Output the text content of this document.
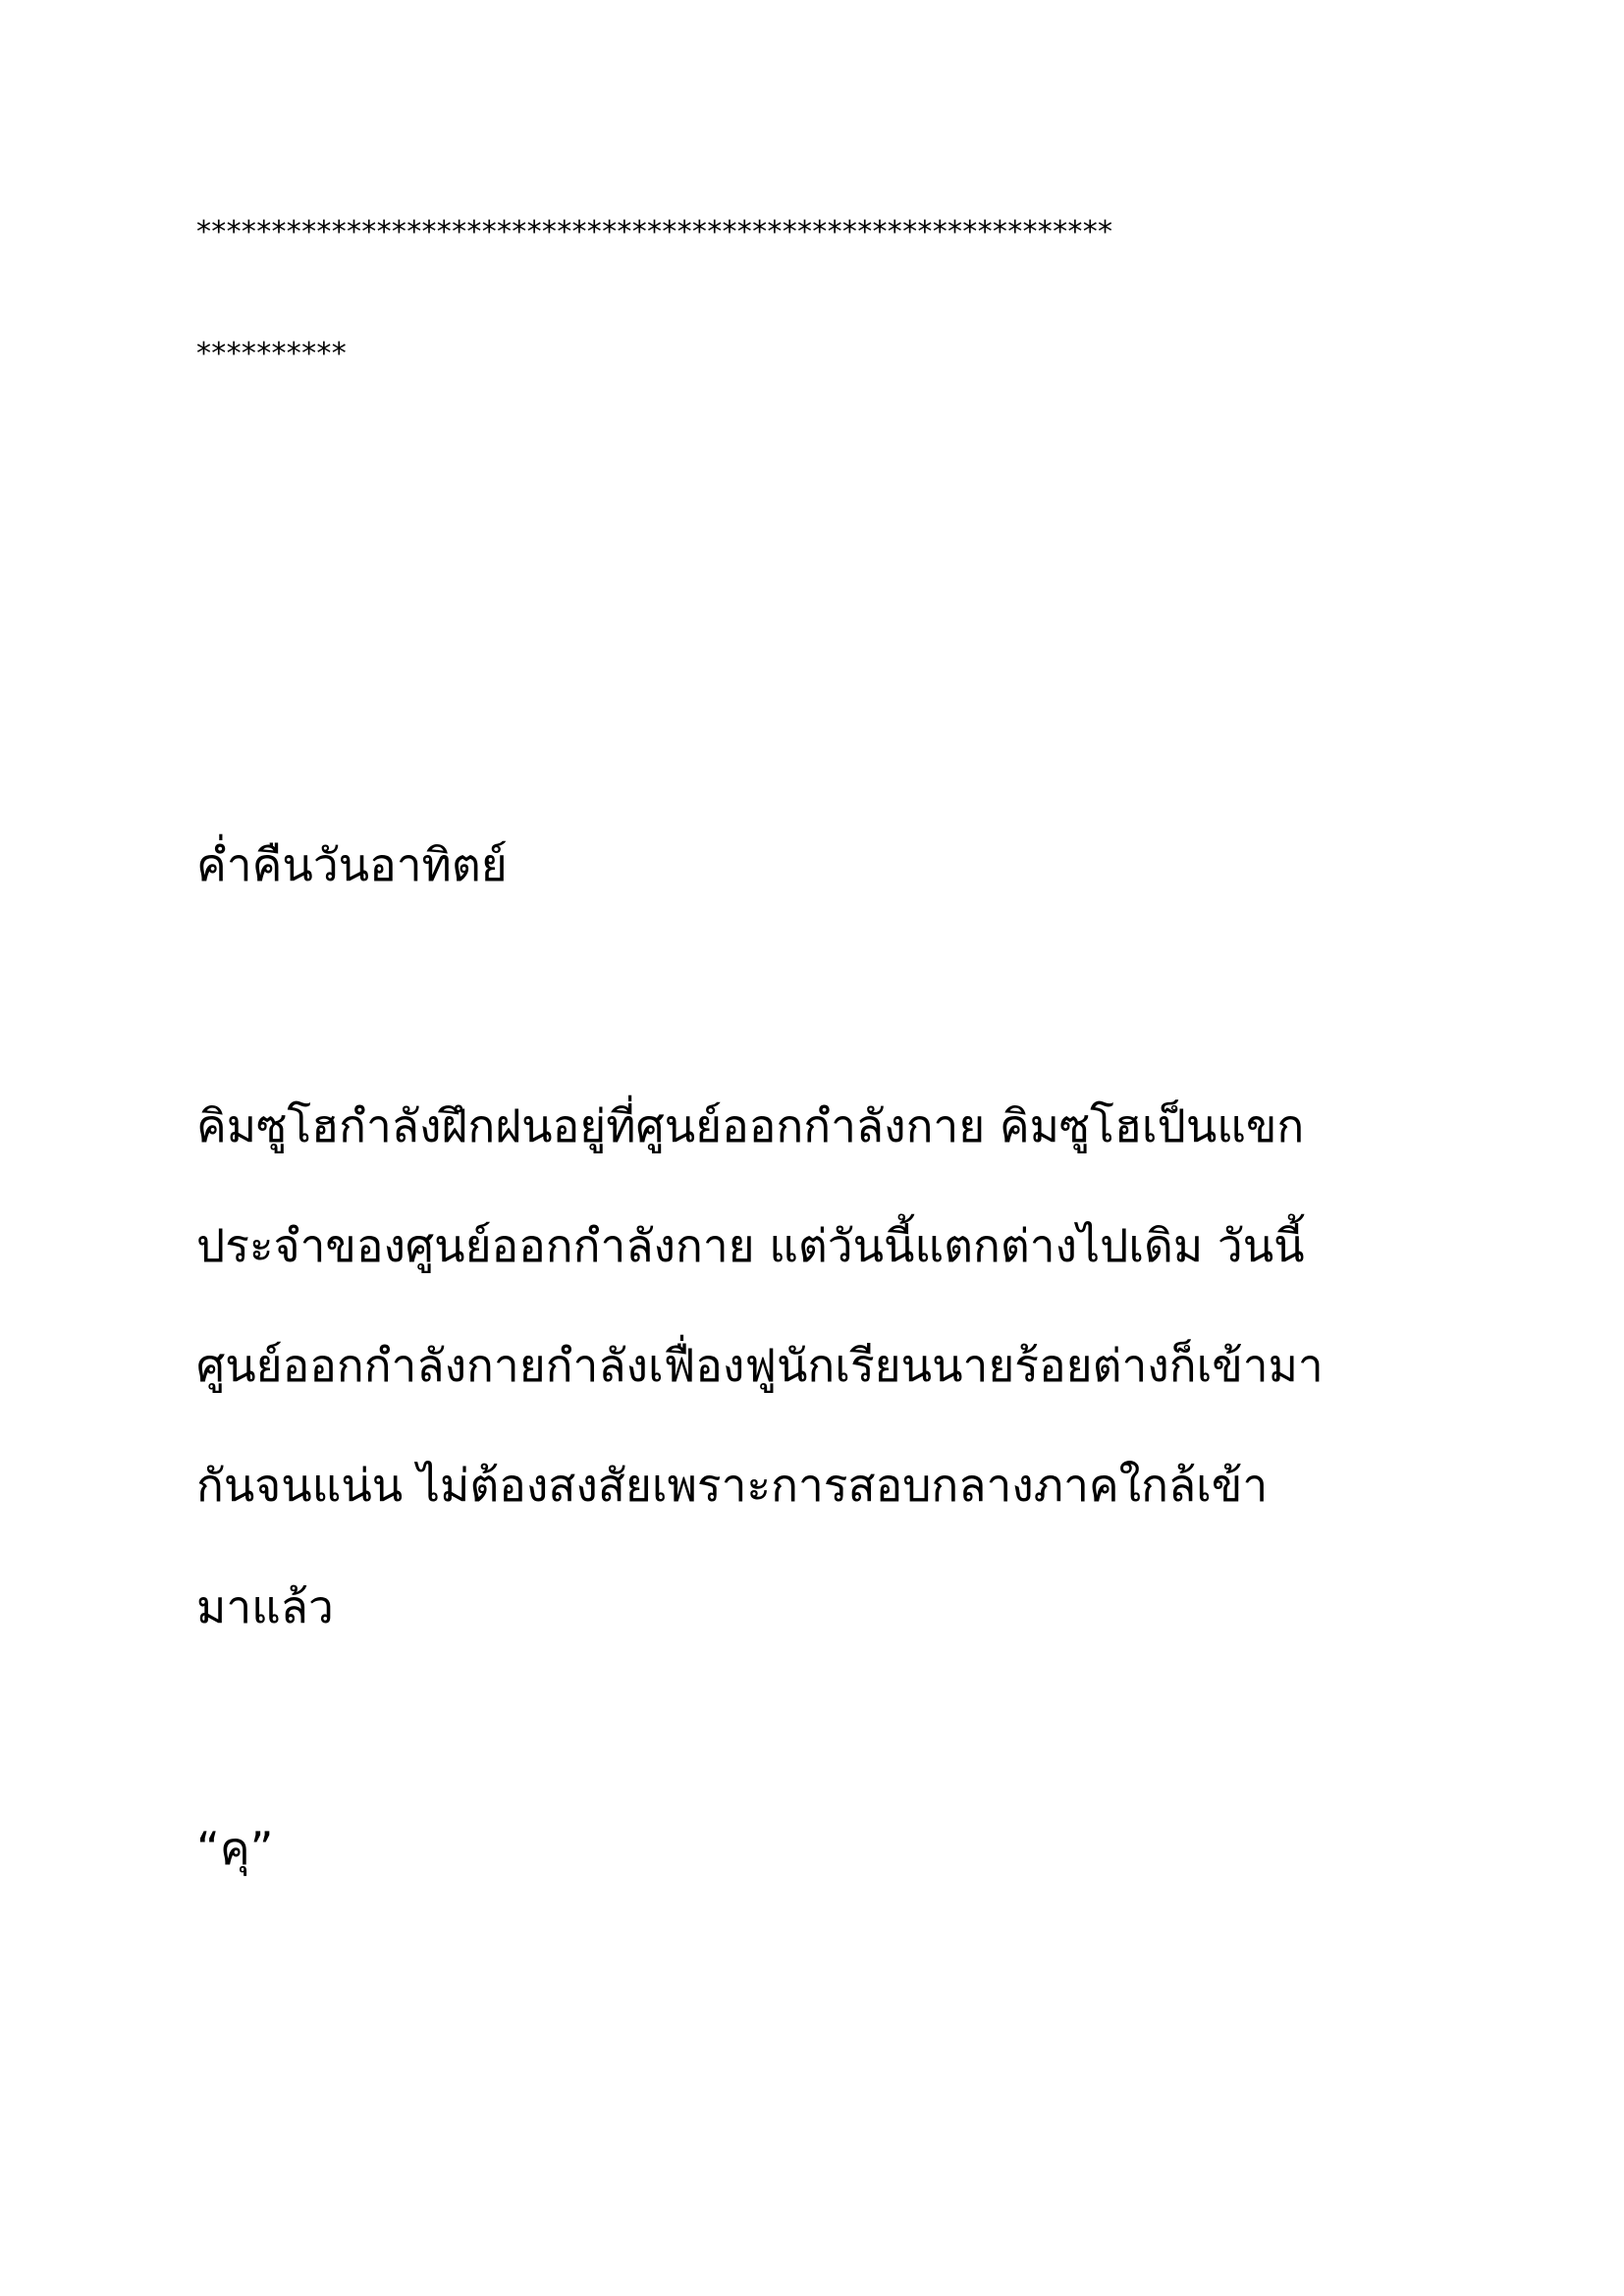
*************************************************************
**********
ค่ำคืนวันอาทิตย์
คิมซูโฮกำลังฝึกฝนอยู่ที่ศูนย์ออกกำลังกาย คิมซูโฮเป็นแขก
ประจำของศูนย์ออกกำลังกาย แต่วันนี้แตกต่างไปเดิม วันนี้
ศูนย์ออกกำลังกายกำลังเฟื่องฟูนักเรียนนายร้อยต่างก็เข้ามา
กันจนแน่น ไม่ต้องสงสัยเพราะการสอบกลางภาคใกล้เข้า
มาแล้ว
“คุ”
